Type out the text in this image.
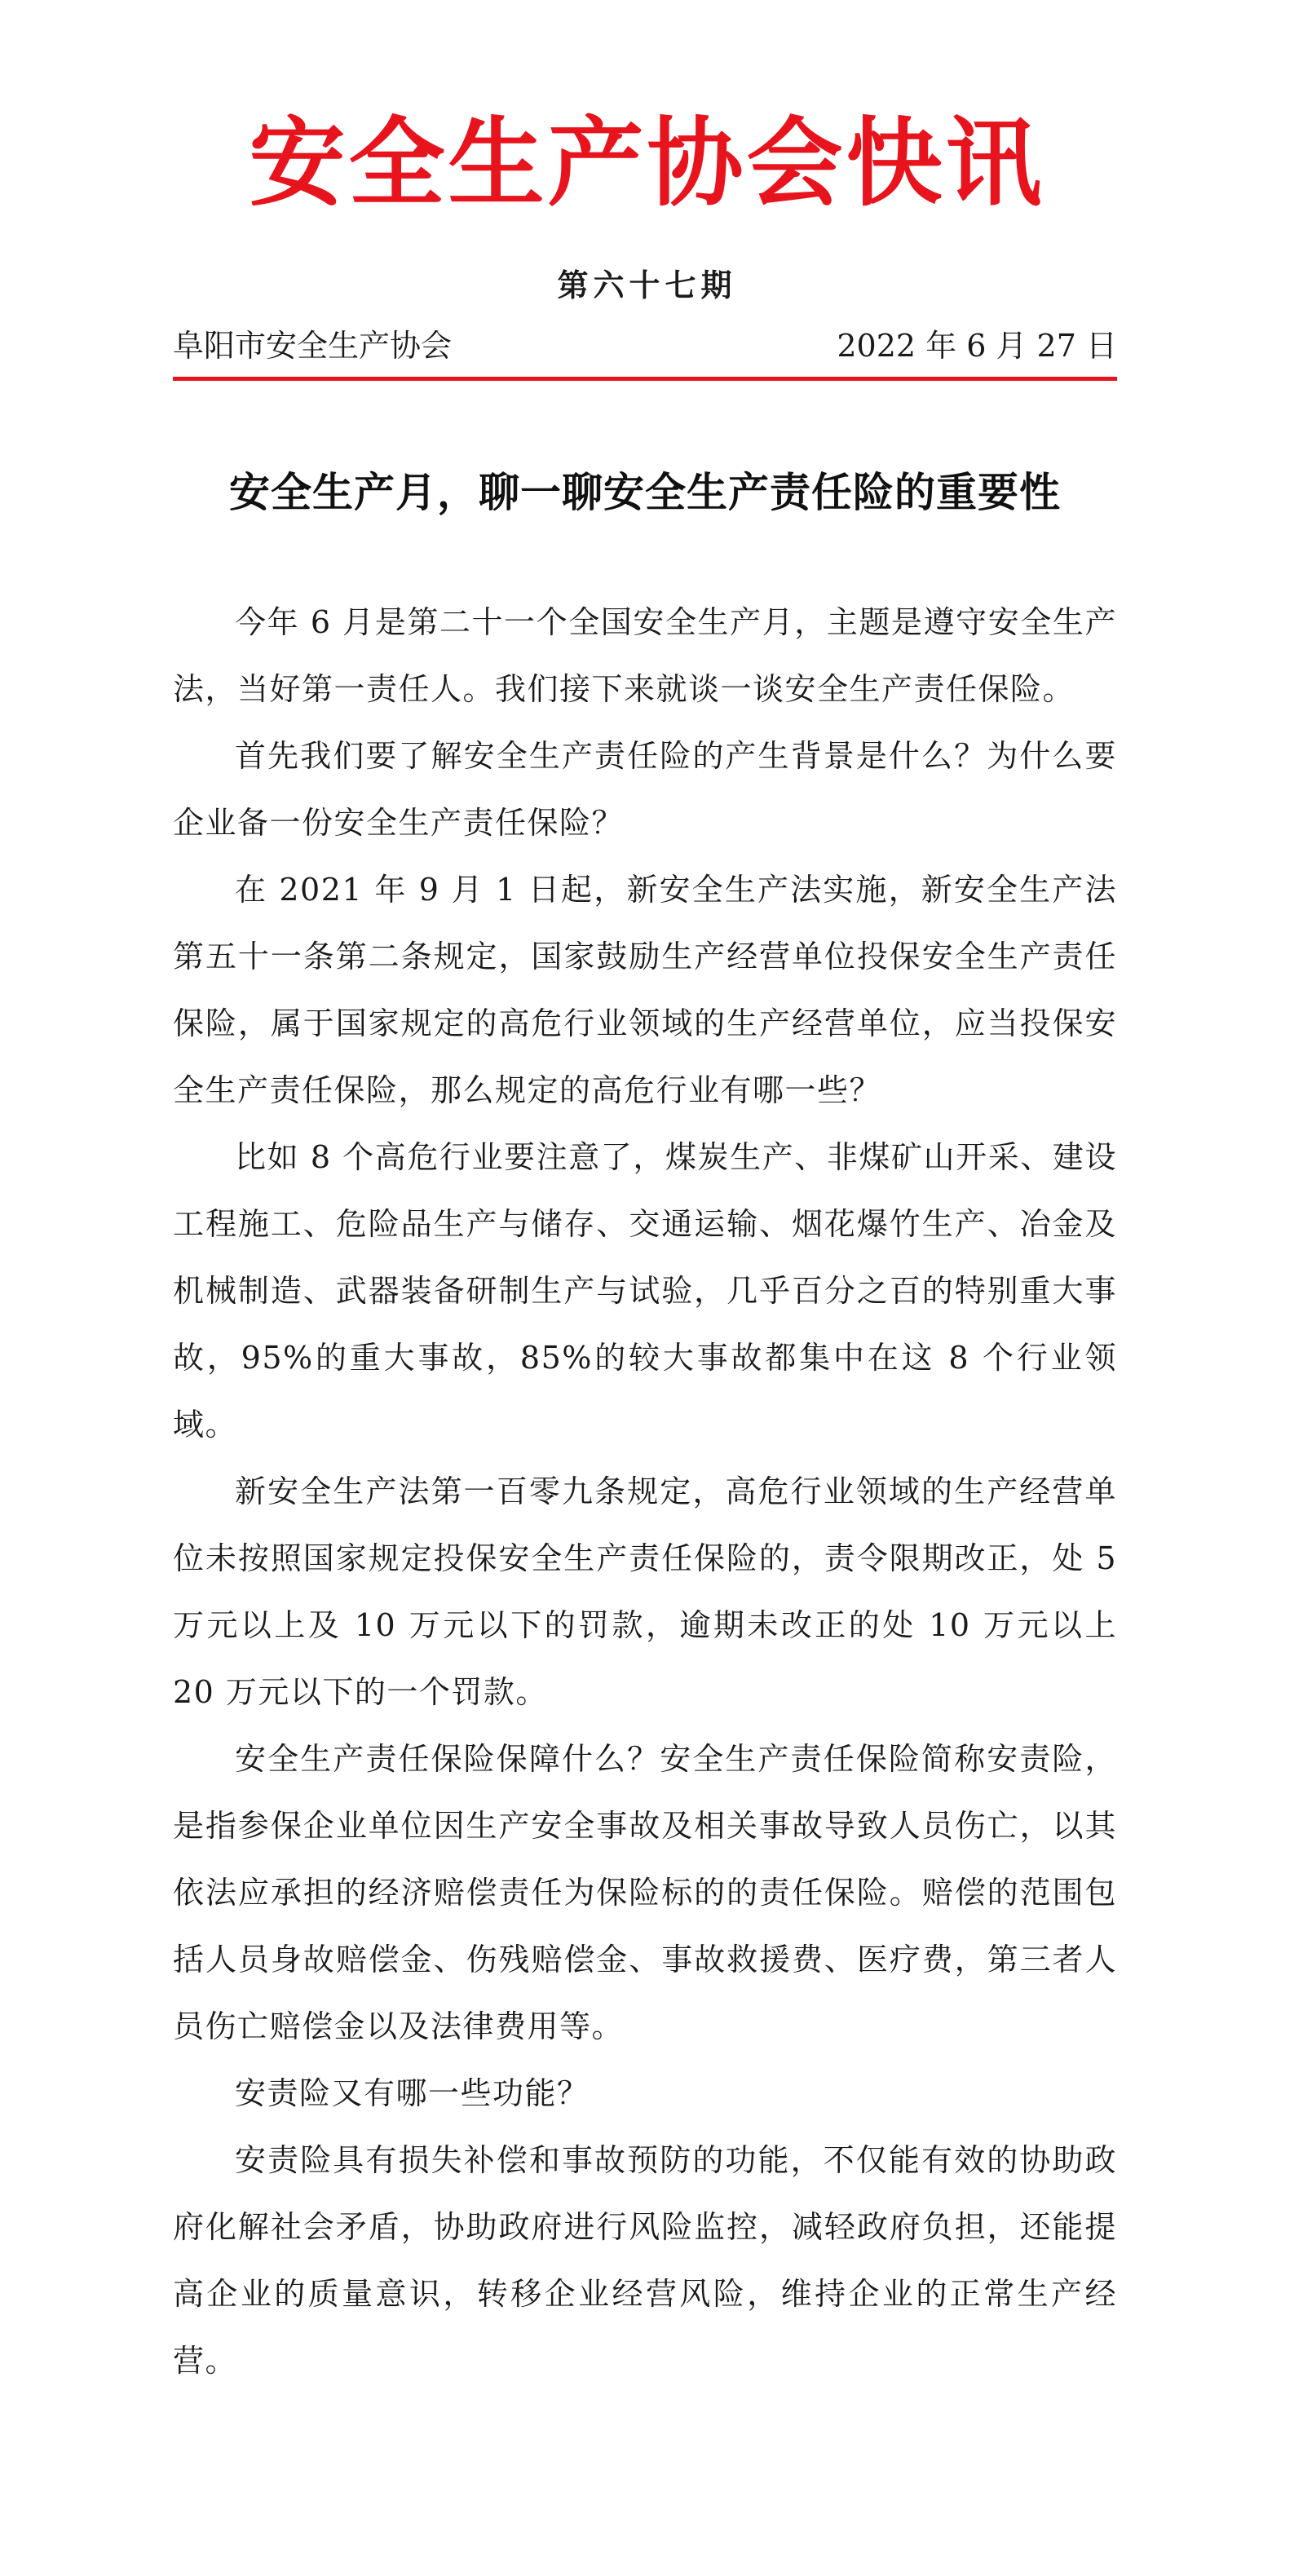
安全生产协会快讯
第六十七期
阜阳市安全生产协会	2022 年 6 月 27 日
安全生产月，聊一聊安全生产责任险的重要性

今年 6 月是第二十一个全国安全生产月，主题是遵守安全生产法，当好第一责任人。我们接下来就谈一谈安全生产责任保险。

首先我们要了解安全生产责任险的产生背景是什么？为什么要企业备一份安全生产责任保险？

在 2021 年 9 月 1 日起，新安全生产法实施，新安全生产法第五十一条第二条规定，国家鼓励生产经营单位投保安全生产责任保险，属于国家规定的高危行业领域的生产经营单位，应当投保安全生产责任保险，那么规定的高危行业有哪一些？

比如 8 个高危行业要注意了，煤炭生产、非煤矿山开采、建设工程施工、危险品生产与储存、交通运输、烟花爆竹生产、冶金及机械制造、武器装备研制生产与试验，几乎百分之百的特别重大事故，95%的重大事故，85%的较大事故都集中在这 8 个行业领域。

新安全生产法第一百零九条规定，高危行业领域的生产经营单位未按照国家规定投保安全生产责任保险的，责令限期改正，处 5 万元以上及 10 万元以下的罚款，逾期未改正的处 10 万元以上 20 万元以下的一个罚款。

安全生产责任保险保障什么？安全生产责任保险简称安责险，是指参保企业单位因生产安全事故及相关事故导致人员伤亡，以其依法应承担的经济赔偿责任为保险标的的责任保险。赔偿的范围包括人员身故赔偿金、伤残赔偿金、事故救援费、医疗费，第三者人员伤亡赔偿金以及法律费用等。

安责险又有哪一些功能？

安责险具有损失补偿和事故预防的功能，不仅能有效的协助政府化解社会矛盾，协助政府进行风险监控，减轻政府负担，还能提高企业的质量意识，转移企业经营风险，维持企业的正常生产经营。
